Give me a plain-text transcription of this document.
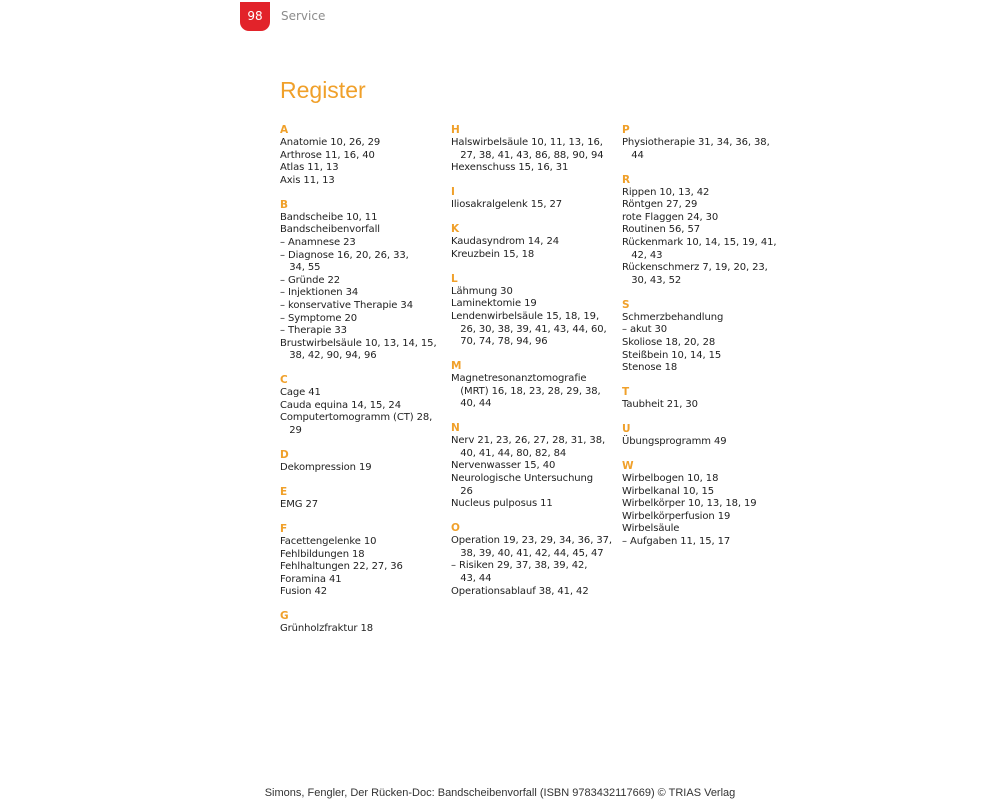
98	Service
Register
A
Anatomie 10, 26, 29
Arthrose 11, 16, 40
Atlas 11, 13
Axis 11, 13
B
Bandscheibe 10, 11
Bandscheibenvorfall
– Anamnese 23
– Diagnose 16, 20, 26, 33,
34, 55
– Gründe 22
– Injektionen 34
– konservative Therapie 34
– Symptome 20
– Therapie 33
Brustwirbelsäule 10, 13, 14, 15,
38, 42, 90, 94, 96
C
Cage 41
Cauda equina 14, 15, 24
Computertomogramm (CT) 28,
29
D
Dekompression 19
E
EMG 27
F
Facettengelenke 10
Fehlbildungen 18
Fehlhaltungen 22, 27, 36
Foramina 41
Fusion 42
G
Grünholzfraktur 18
H
Halswirbelsäule 10, 11, 13, 16,
27, 38, 41, 43, 86, 88, 90, 94
Hexenschuss 15, 16, 31
I
Iliosakralgelenk 15, 27
K
Kaudasyndrom 14, 24
Kreuzbein 15, 18
L
Lähmung 30
Laminektomie 19
Lendenwirbelsäule 15, 18, 19,
26, 30, 38, 39, 41, 43, 44, 60,
70, 74, 78, 94, 96
M
Magnetresonanztomografie
(MRT) 16, 18, 23, 28, 29, 38,
40, 44
N
Nerv 21, 23, 26, 27, 28, 31, 38,
40, 41, 44, 80, 82, 84
Nervenwasser 15, 40
Neurologische Untersuchung
26
Nucleus pulposus 11
O
Operation 19, 23, 29, 34, 36, 37,
38, 39, 40, 41, 42, 44, 45, 47
– Risiken 29, 37, 38, 39, 42,
43, 44
Operationsablauf 38, 41, 42
P
Physiotherapie 31, 34, 36, 38,
44
R
Rippen 10, 13, 42
Röntgen 27, 29
rote Flaggen 24, 30
Routinen 56, 57
Rückenmark 10, 14, 15, 19, 41,
42, 43
Rückenschmerz 7, 19, 20, 23,
30, 43, 52
S
Schmerzbehandlung
– akut 30
Skoliose 18, 20, 28
Steißbein 10, 14, 15
Stenose 18
T
Taubheit 21, 30
U
Übungsprogramm 49
W
Wirbelbogen 10, 18
Wirbelkanal 10, 15
Wirbelkörper 10, 13, 18, 19
Wirbelkörperfusion 19
Wirbelsäule
– Aufgaben 11, 15, 17
Simons, Fengler, Der Rücken-Doc: Bandscheibenvorfall (ISBN 9783432117669) © TRIAS Verlag
